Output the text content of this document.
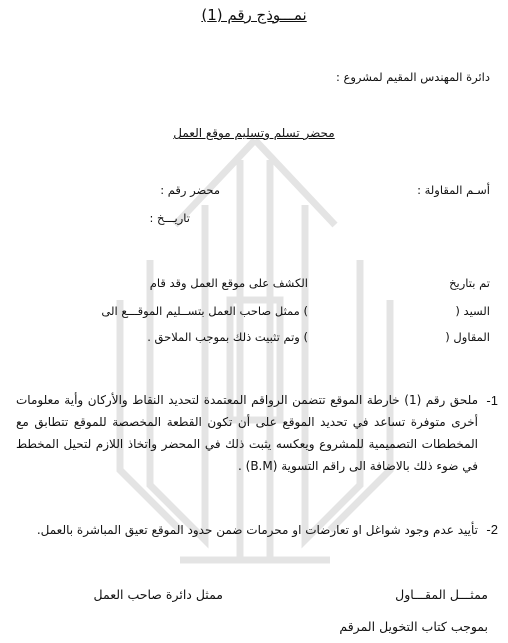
نمـــوذج رقم (1)
دائرة المهندس المقيم لمشروع :
محضر تسلم وتسليم موقع العمل
أسـم المقاولة :
محضر رقم :
تاريـــخ :
تم بتاريخ
الكشف على موقع العمل وقد قام
السيد (
) ممثل صاحب العمل بتســليم الموقـــع الى
المقاول (
) وتم تثبيت ذلك بموجب الملاحق .
1-
ملحق رقم (1) خارطة الموقع تتضمن الرواقم المعتمدة لتحديد النقاط والأركان وأية معلومات أخرى متوفرة تساعد في تحديد الموقع على أن تكون القطعة المخصصة للموقع تتطابق مع المخططات التصميمية للمشروع ويعكسه يثبت ذلك في المحضر واتخاذ اللازم لتحيل المخطط في ضوء ذلك بالاضافة الى راقم التسوية (B.M) .
2-
تأييد عدم وجود شواغل او تعارضات او محرمات ضمن حدود الموقع تعيق المباشرة بالعمل.
ممثـــل المقـــاول
ممثل دائرة صاحب العمل
بموجب كتاب التخويل المرقم
